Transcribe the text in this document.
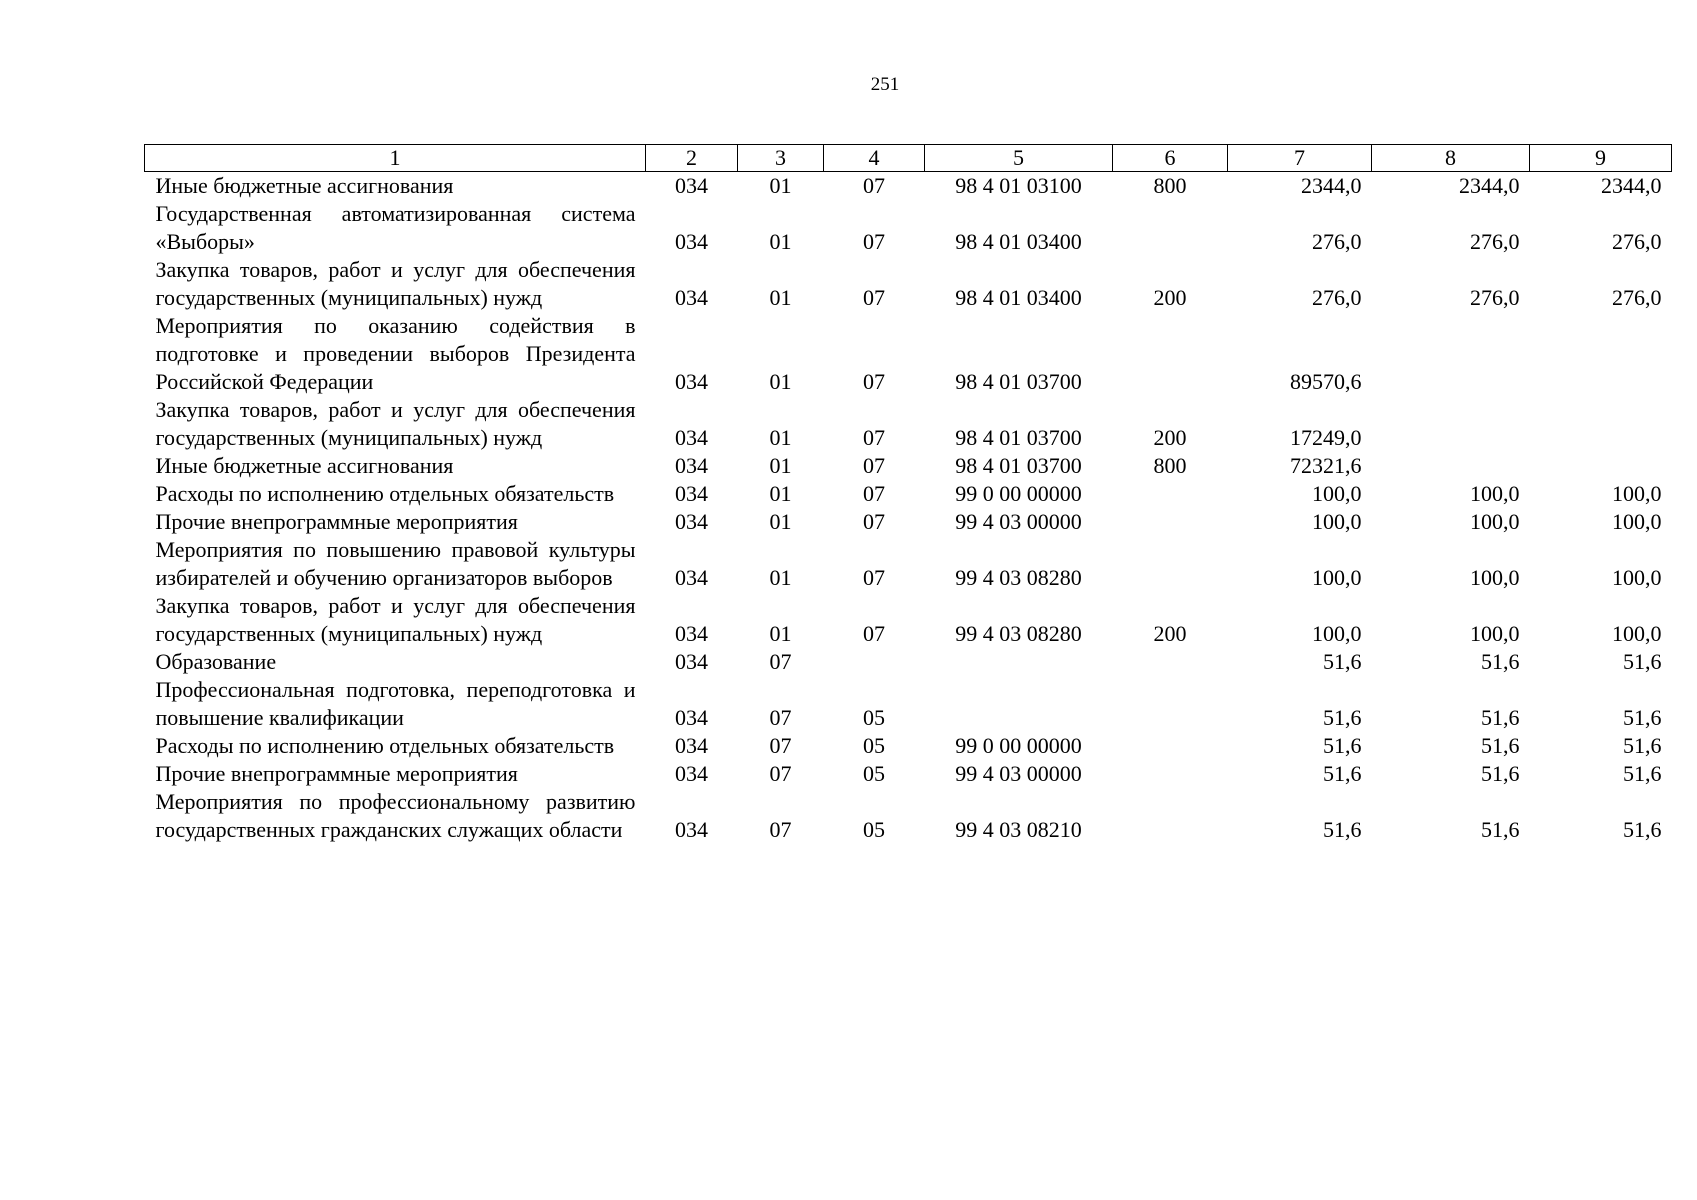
251
1	2	3	4	5	6	7	8	9
Иные бюджетные ассигнования	034	01	07	98 4 01 03100	800	2344,0	2344,0	2344,0
Государственная автоматизированная система «Выборы»	034	01	07	98 4 01 03400		276,0	276,0	276,0
Закупка товаров, работ и услуг для обеспечения государственных (муниципальных) нужд	034	01	07	98 4 01 03400	200	276,0	276,0	276,0
Мероприятия по оказанию содействия в подготовке и проведении выборов Президента Российской Федерации	034	01	07	98 4 01 03700		89570,6		
Закупка товаров, работ и услуг для обеспечения государственных (муниципальных) нужд	034	01	07	98 4 01 03700	200	17249,0		
Иные бюджетные ассигнования	034	01	07	98 4 01 03700	800	72321,6		
Расходы по исполнению отдельных обязательств	034	01	07	99 0 00 00000		100,0	100,0	100,0
Прочие внепрограммные мероприятия	034	01	07	99 4 03 00000		100,0	100,0	100,0
Мероприятия по повышению правовой культуры избирателей и обучению организаторов выборов	034	01	07	99 4 03 08280		100,0	100,0	100,0
Закупка товаров, работ и услуг для обеспечения государственных (муниципальных) нужд	034	01	07	99 4 03 08280	200	100,0	100,0	100,0
Образование	034	07				51,6	51,6	51,6
Профессиональная подготовка, переподготовка и повышение квалификации	034	07	05			51,6	51,6	51,6
Расходы по исполнению отдельных обязательств	034	07	05	99 0 00 00000		51,6	51,6	51,6
Прочие внепрограммные мероприятия	034	07	05	99 4 03 00000		51,6	51,6	51,6
Мероприятия по профессиональному развитию государственных гражданских служащих области	034	07	05	99 4 03 08210		51,6	51,6	51,6
